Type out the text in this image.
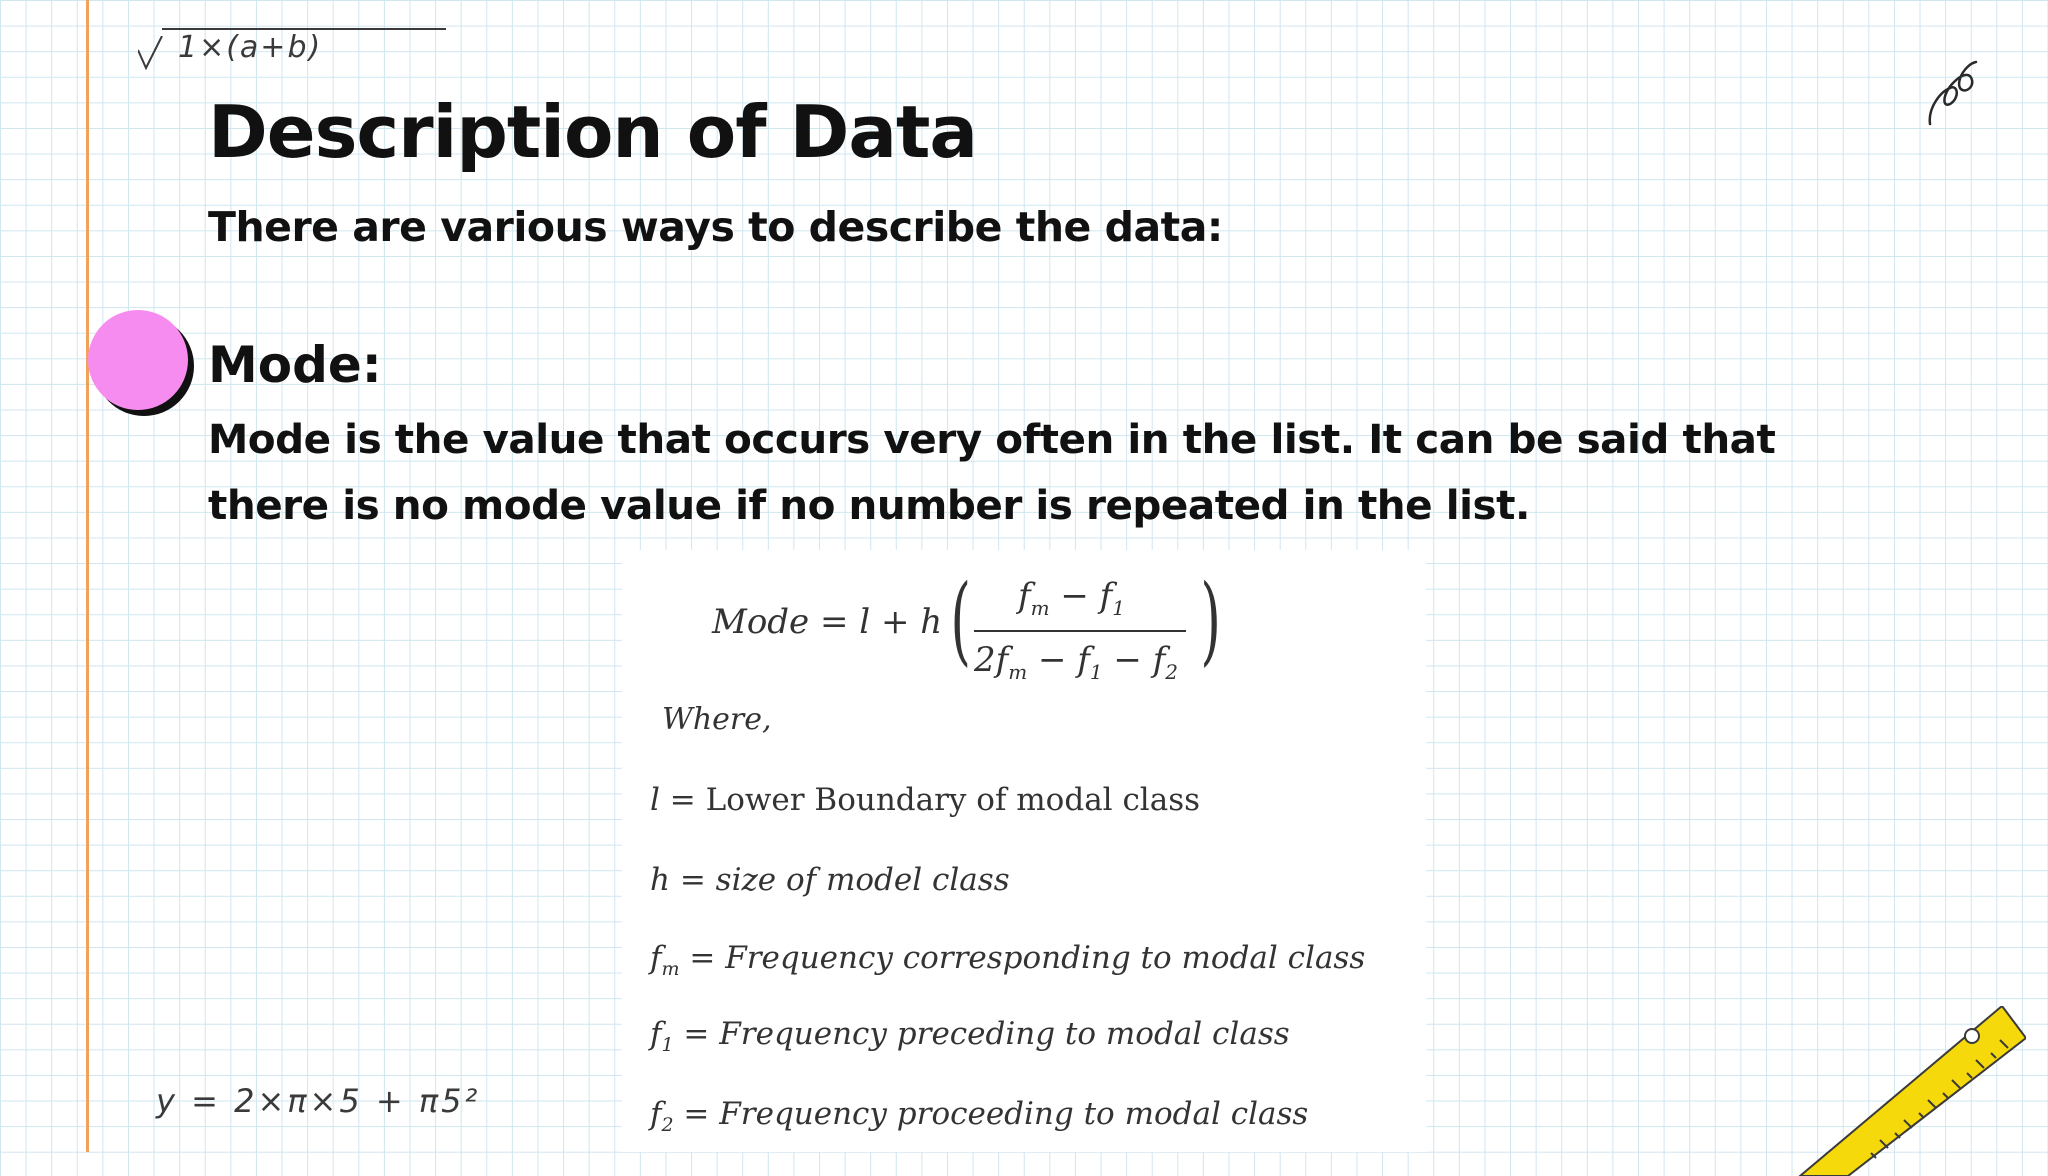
1×(a+b)
Description of Data

There are various ways to describe the data:

Mode:

Mode is the value that occurs very often in the list. It can be said that there is no mode value if no number is repeated in the list.

Mode = l + h ( $f_m - f_1$
$2f_m - f_1 - f_2$ )
Where,
l = Lower Boundary of modal class
h = size of model class
$f_m$ = Frequency corresponding to modal class
$f_1$ = Frequency preceding to modal class
$f_2$ = Frequency proceeding to modal class
y = 2×π×5 + π5²
